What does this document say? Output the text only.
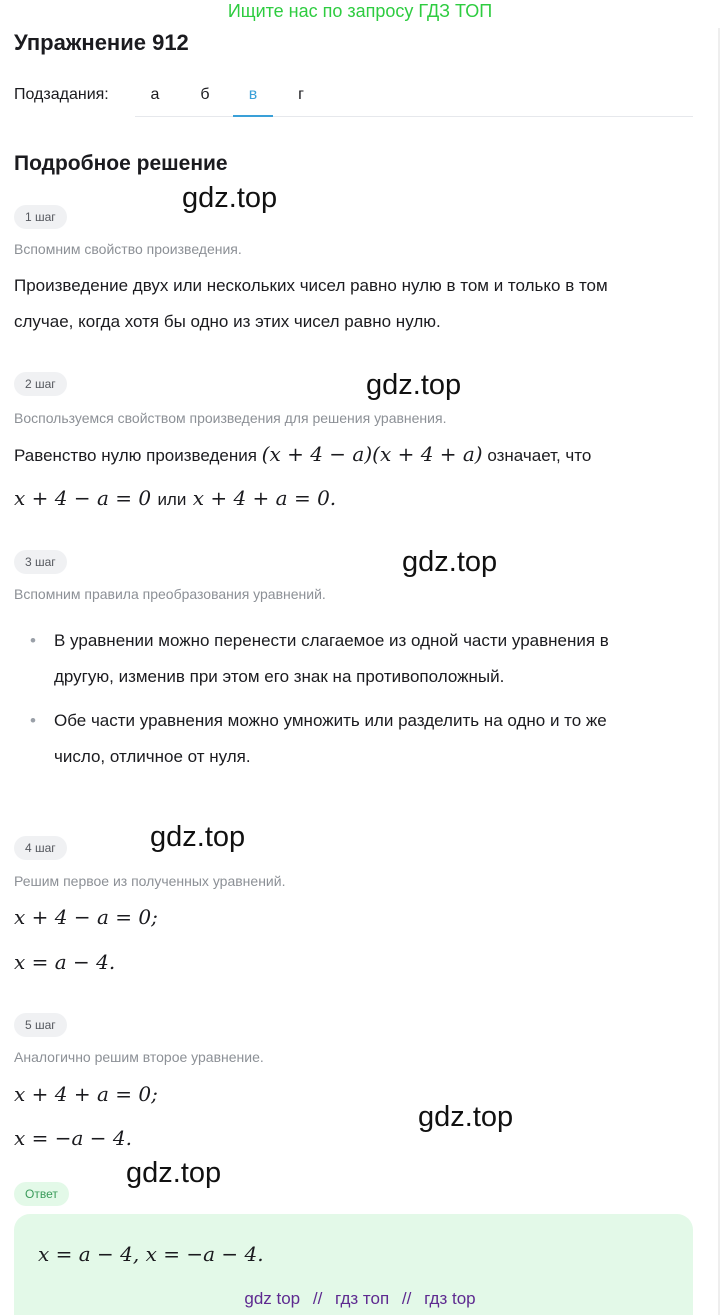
Ищите нас по запросу ГДЗ ТОП
Упражнение 912
Подзадания:	а	б	в	г
Подробное решение
1 шаг
gdz.top
Вспомним свойство произведения.
Произведение двух или нескольких чисел равно нулю в том и только в том
случае, когда хотя бы одно из этих чисел равно нулю.
2 шаг	gdz.top
Воспользуемся свойством произведения для решения уравнения.
Равенство нулю произведения (x + 4 − a)(x + 4 + a) означает, что
x + 4 − a = 0 или x + 4 + a = 0.
3 шаг	gdz.top
Вспомним правила преобразования уравнений.
• В уравнении можно перенести слагаемое из одной части уравнения в
другую, изменив при этом его знак на противоположный.
• Обе части уравнения можно умножить или разделить на одно и то же
число, отличное от нуля.
4 шаг	gdz.top
Решим первое из полученных уравнений.
x + 4 − a = 0;
x = a − 4.
5 шаг
Аналогично решим второе уравнение.
x + 4 + a = 0;
gdz.top
x = −a − 4.
Ответ
gdz.top
x = a − 4, x = −a − 4.
gdz top // гдз топ // гдз top
